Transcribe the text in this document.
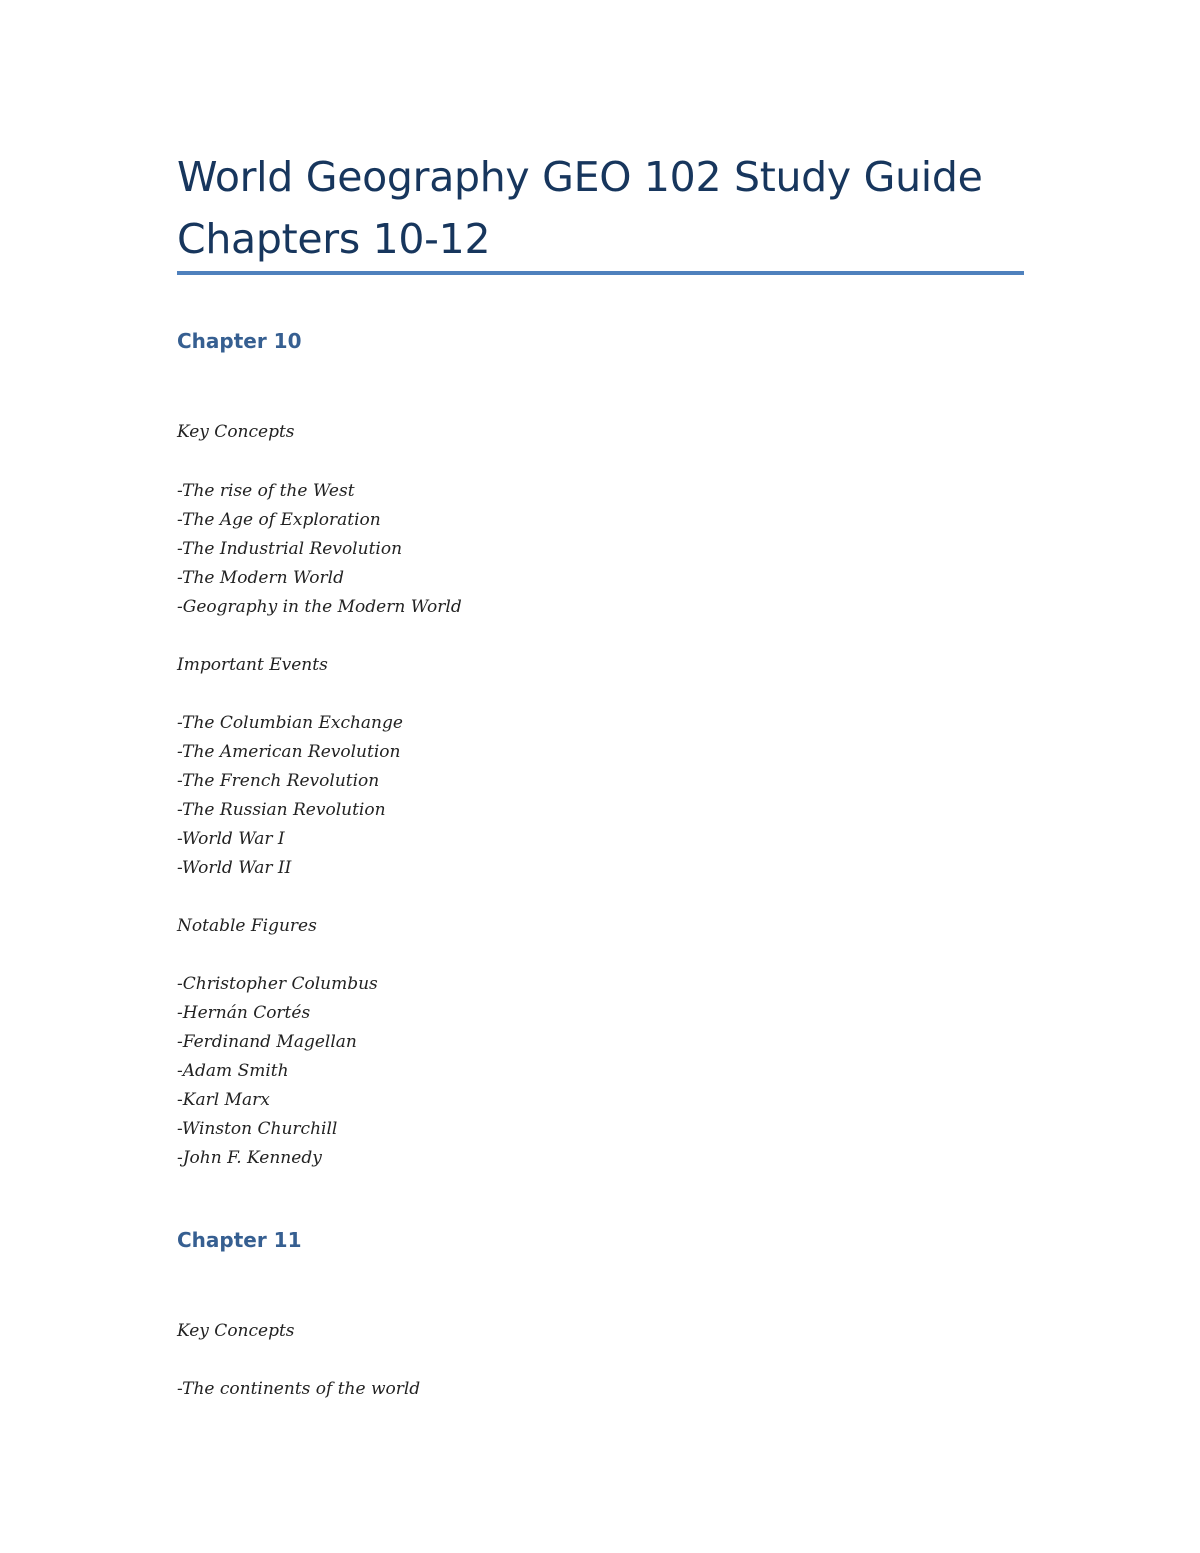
World Geography GEO 102 Study Guide
Chapters 10-12
Chapter 10

Key Concepts

-The rise of the West

-The Age of Exploration

-The Industrial Revolution

-The Modern World

-Geography in the Modern World

Important Events

-The Columbian Exchange

-The American Revolution

-The French Revolution

-The Russian Revolution

-World War I

-World War II

Notable Figures

-Christopher Columbus

-Hernán Cortés

-Ferdinand Magellan

-Adam Smith

-Karl Marx

-Winston Churchill

-John F. Kennedy

Chapter 11

Key Concepts

-The continents of the world
